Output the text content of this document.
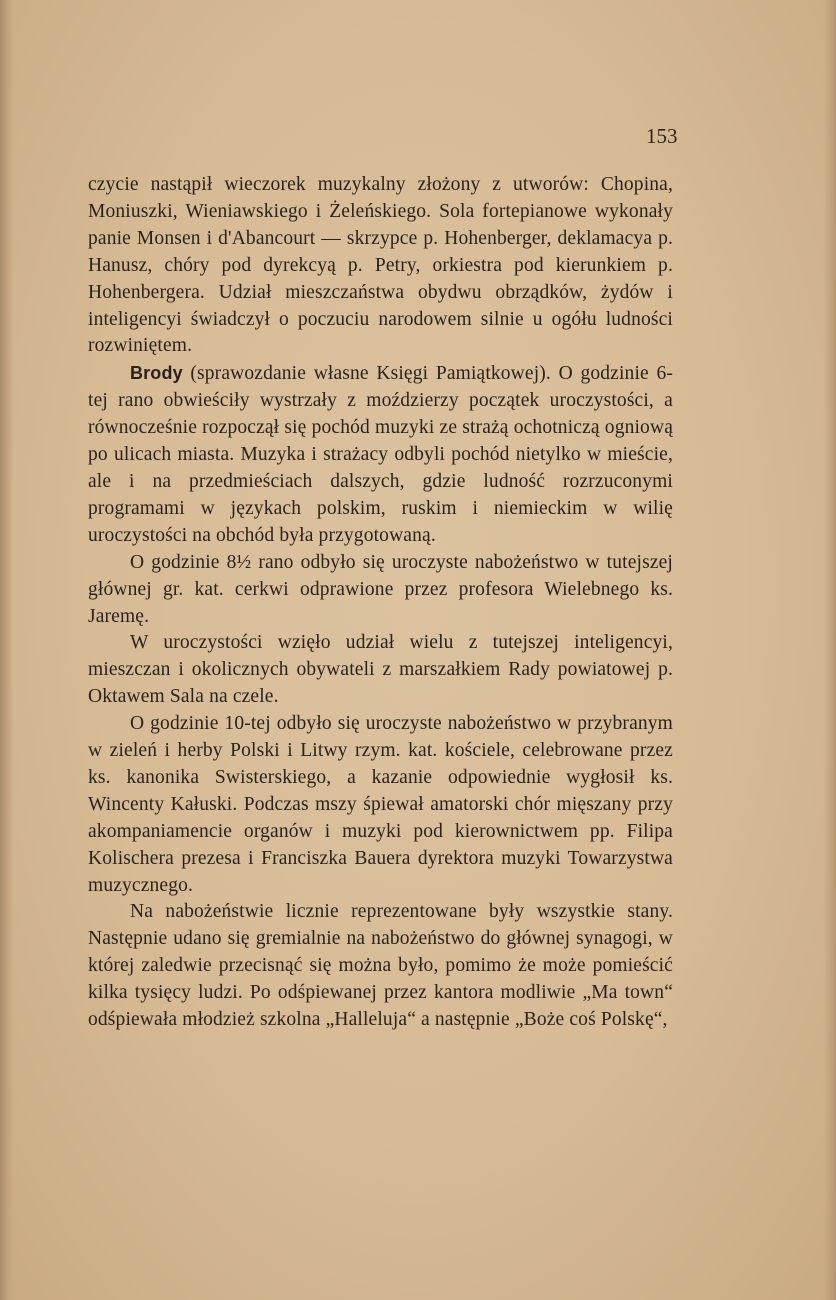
153

czycie nastąpił wieczorek muzykalny złożony z utworów: Chopina, Moniuszki, Wieniawskiego i Żeleńskiego. Sola fortepianowe wykonały panie Monsen i d'Abancourt — skrzypce p. Hohenberger, deklamacya p. Hanusz, chóry pod dyrekcyą p. Petry, orkiestra pod kierunkiem p. Hohenbergera. Udział mieszczaństwa obydwu obrządków, żydów i inteligencyi świadczył o poczuciu narodowem silnie u ogółu ludności rozwiniętem.

Brody (sprawozdanie własne Księgi Pamiątkowej). O godzinie 6-tej rano obwieściły wystrzały z moździerzy początek uroczystości, a równocześnie rozpoczął się pochód muzyki ze strażą ochotniczą ogniową po ulicach miasta. Muzyka i strażacy odbyli pochód nietylko w mieście, ale i na przedmieściach dalszych, gdzie ludność rozrzuconymi programami w językach polskim, ruskim i niemieckim w wilię uroczystości na obchód była przygotowaną.

O godzinie 8½ rano odbyło się uroczyste nabożeństwo w tutejszej głównej gr. kat. cerkwi odprawione przez profesora Wielebnego ks. Jaremę.

W uroczystości wzięło udział wielu z tutejszej inteligencyi, mieszczan i okolicznych obywateli z marszałkiem Rady powiatowej p. Oktawem Sala na czele.

O godzinie 10-tej odbyło się uroczyste nabożeństwo w przybranym w zieleń i herby Polski i Litwy rzym. kat. kościele, celebrowane przez ks. kanonika Swisterskiego, a kazanie odpowiednie wygłosił ks. Wincenty Kałuski. Podczas mszy śpiewał amatorski chór mięszany przy akompaniamencie organów i muzyki pod kierownictwem pp. Filipa Kolischera prezesa i Franciszka Bauera dyrektora muzyki Towarzystwa muzycznego.

Na nabożeństwie licznie reprezentowane były wszystkie stany. Następnie udano się gremialnie na nabożeństwo do głównej synagogi, w której zaledwie przecisnąć się można było, pomimo że może pomieścić kilka tysięcy ludzi. Po odśpiewanej przez kantora modliwie „Ma town“ odśpiewała młodzież szkolna „Halleluja“ a następnie „Boże coś Polskę“,
